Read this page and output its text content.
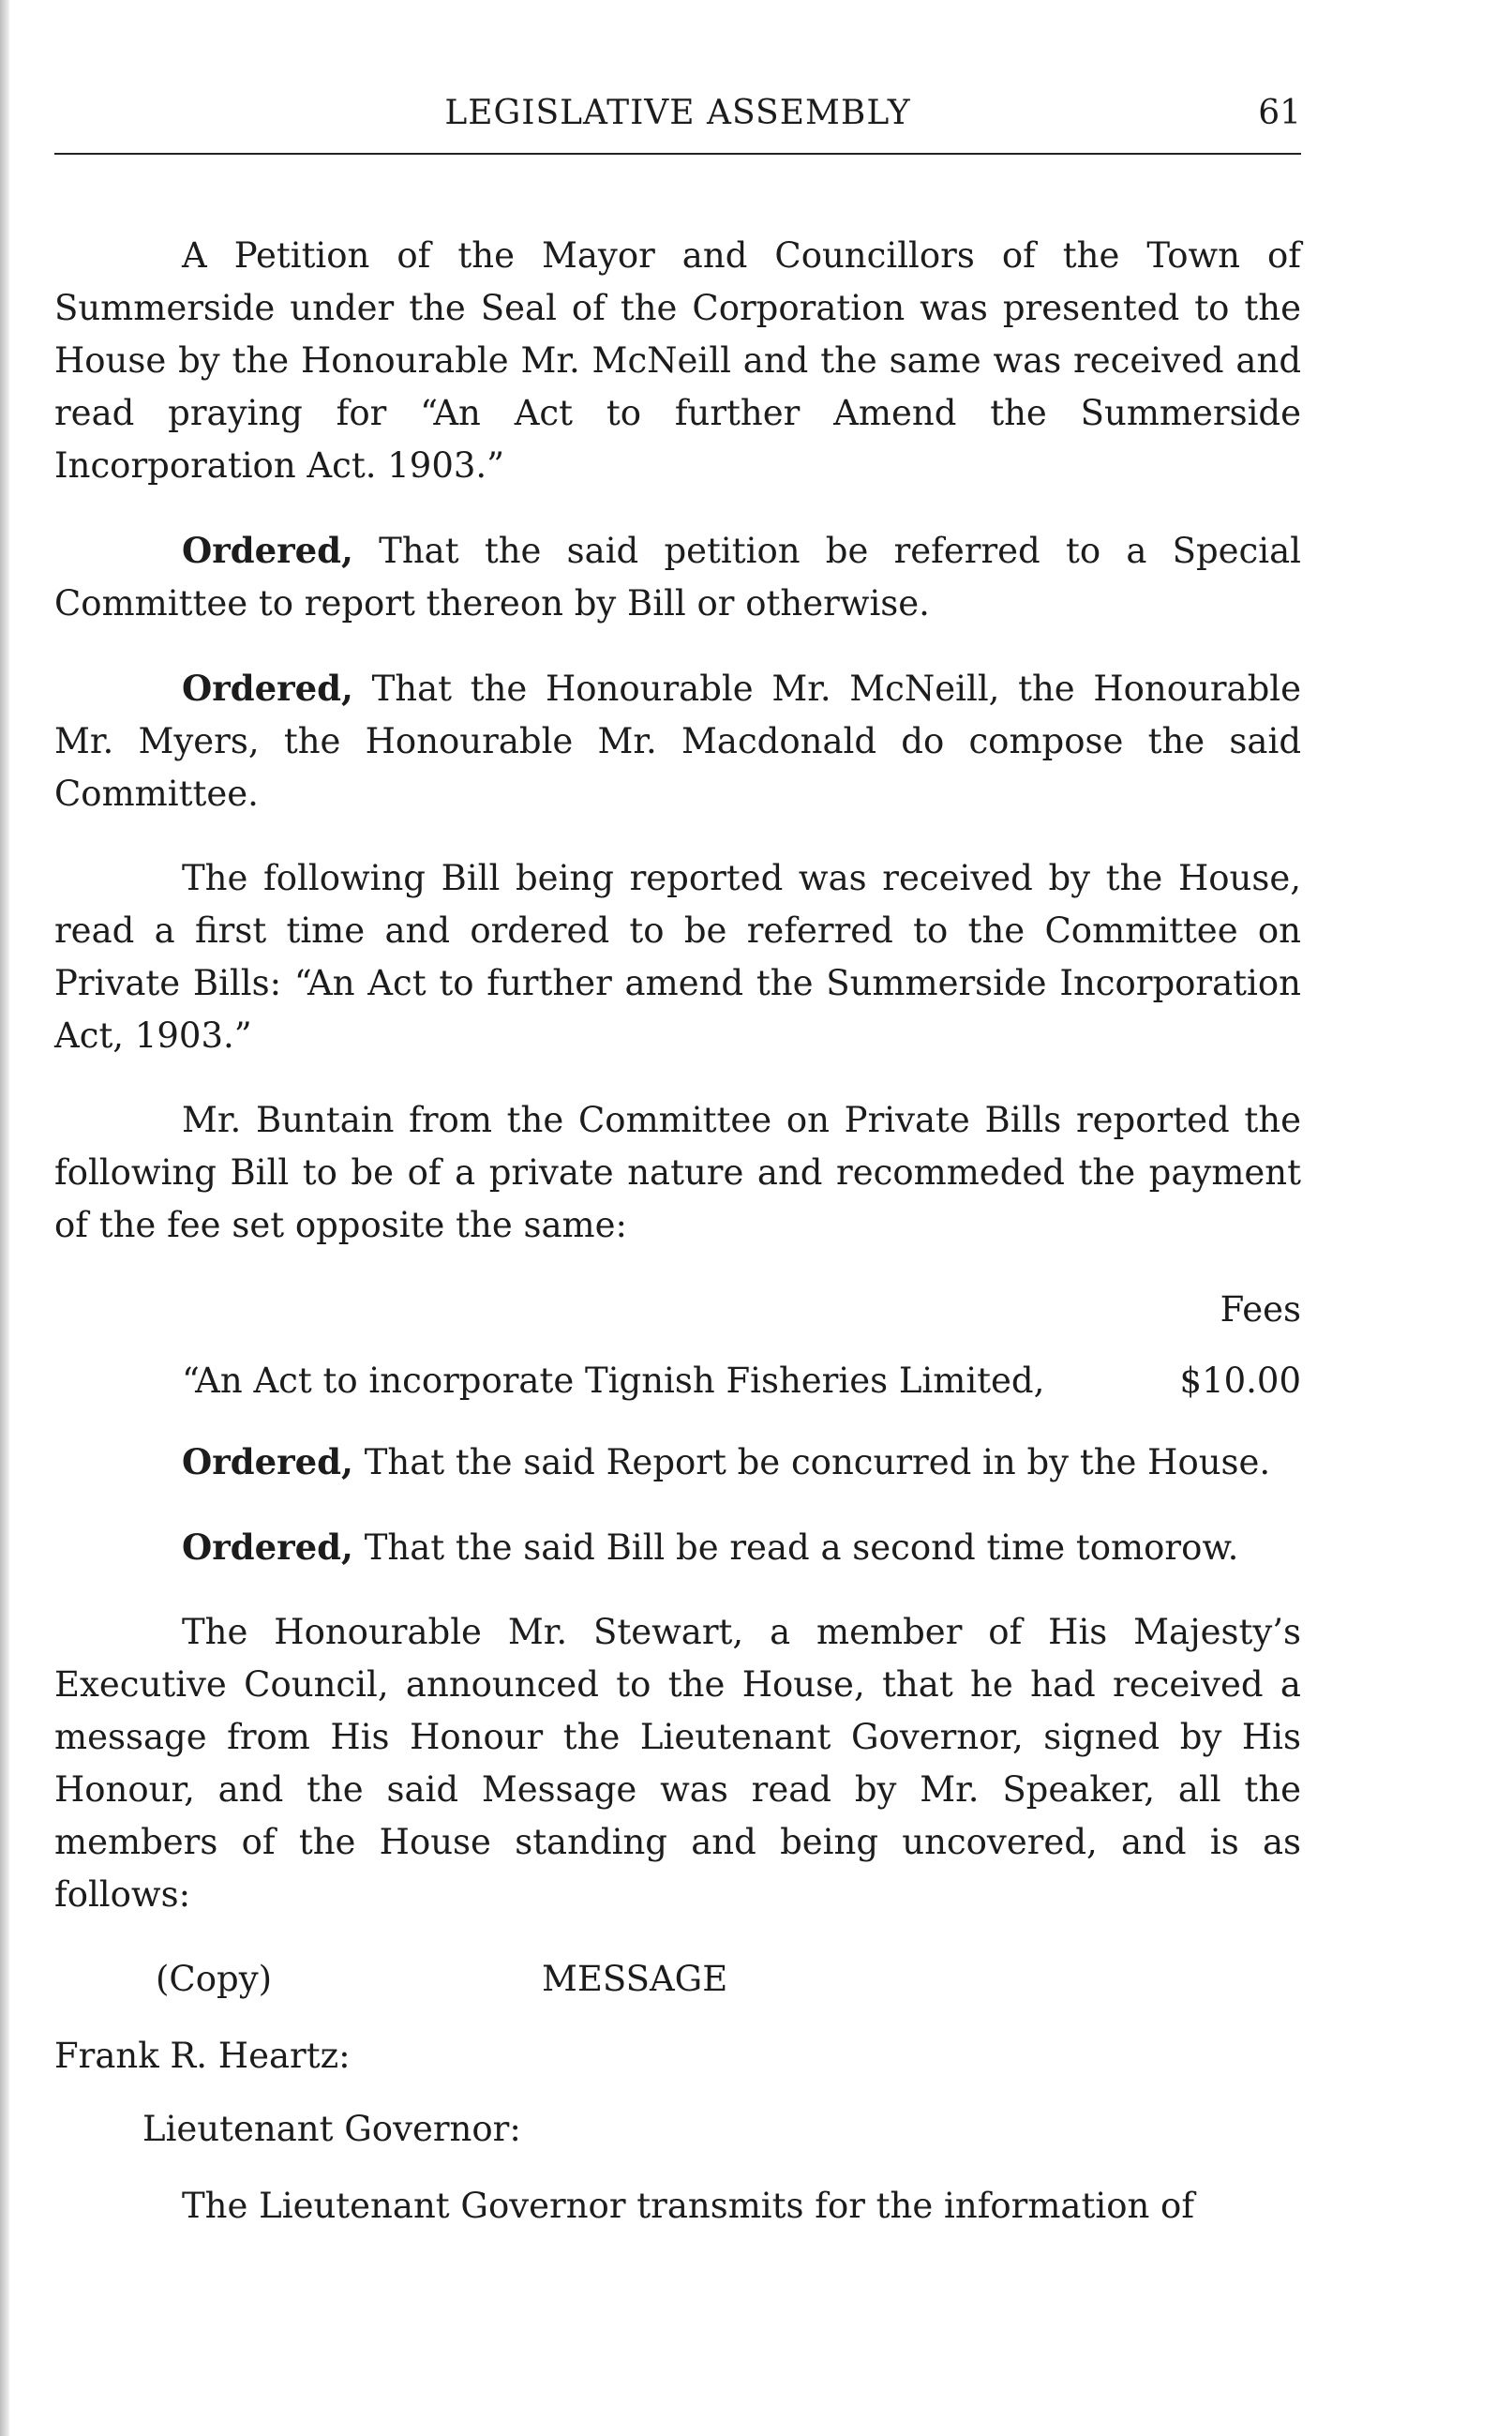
LEGISLATIVE ASSEMBLY	61

A Petition of the Mayor and Councillors of the Town of Summerside under the Seal of the Corporation was presented to the House by the Honourable Mr. McNeill and the same was received and read praying for “An Act to further Amend the Summerside Incorporation Act. 1903.”

Ordered, That the said petition be referred to a Special Committee to report thereon by Bill or otherwise.

Ordered, That the Honourable Mr. McNeill, the Honourable Mr. Myers, the Honourable Mr. Macdonald do compose the said Committee.

The following Bill being reported was received by the House, read a first time and ordered to be referred to the Committee on Private Bills: “An Act to further amend the Summerside Incorporation Act, 1903.”

Mr. Buntain from the Committee on Private Bills reported the following Bill to be of a private nature and recommeded the payment of the fee set opposite the same:

Fees
“An Act to incorporate Tignish Fisheries Limited,	$10.00

Ordered, That the said Report be concurred in by the House.

Ordered, That the said Bill be read a second time tomorow.

The Honourable Mr. Stewart, a member of His Majesty’s Executive Council, announced to the House, that he had received a message from His Honour the Lieutenant Governor, signed by His Honour, and the said Message was read by Mr. Speaker, all the members of the House standing and being uncovered, and is as follows:

(Copy)	MESSAGE
Frank R. Heartz:
Lieutenant Governor:

The Lieutenant Governor transmits for the information of
